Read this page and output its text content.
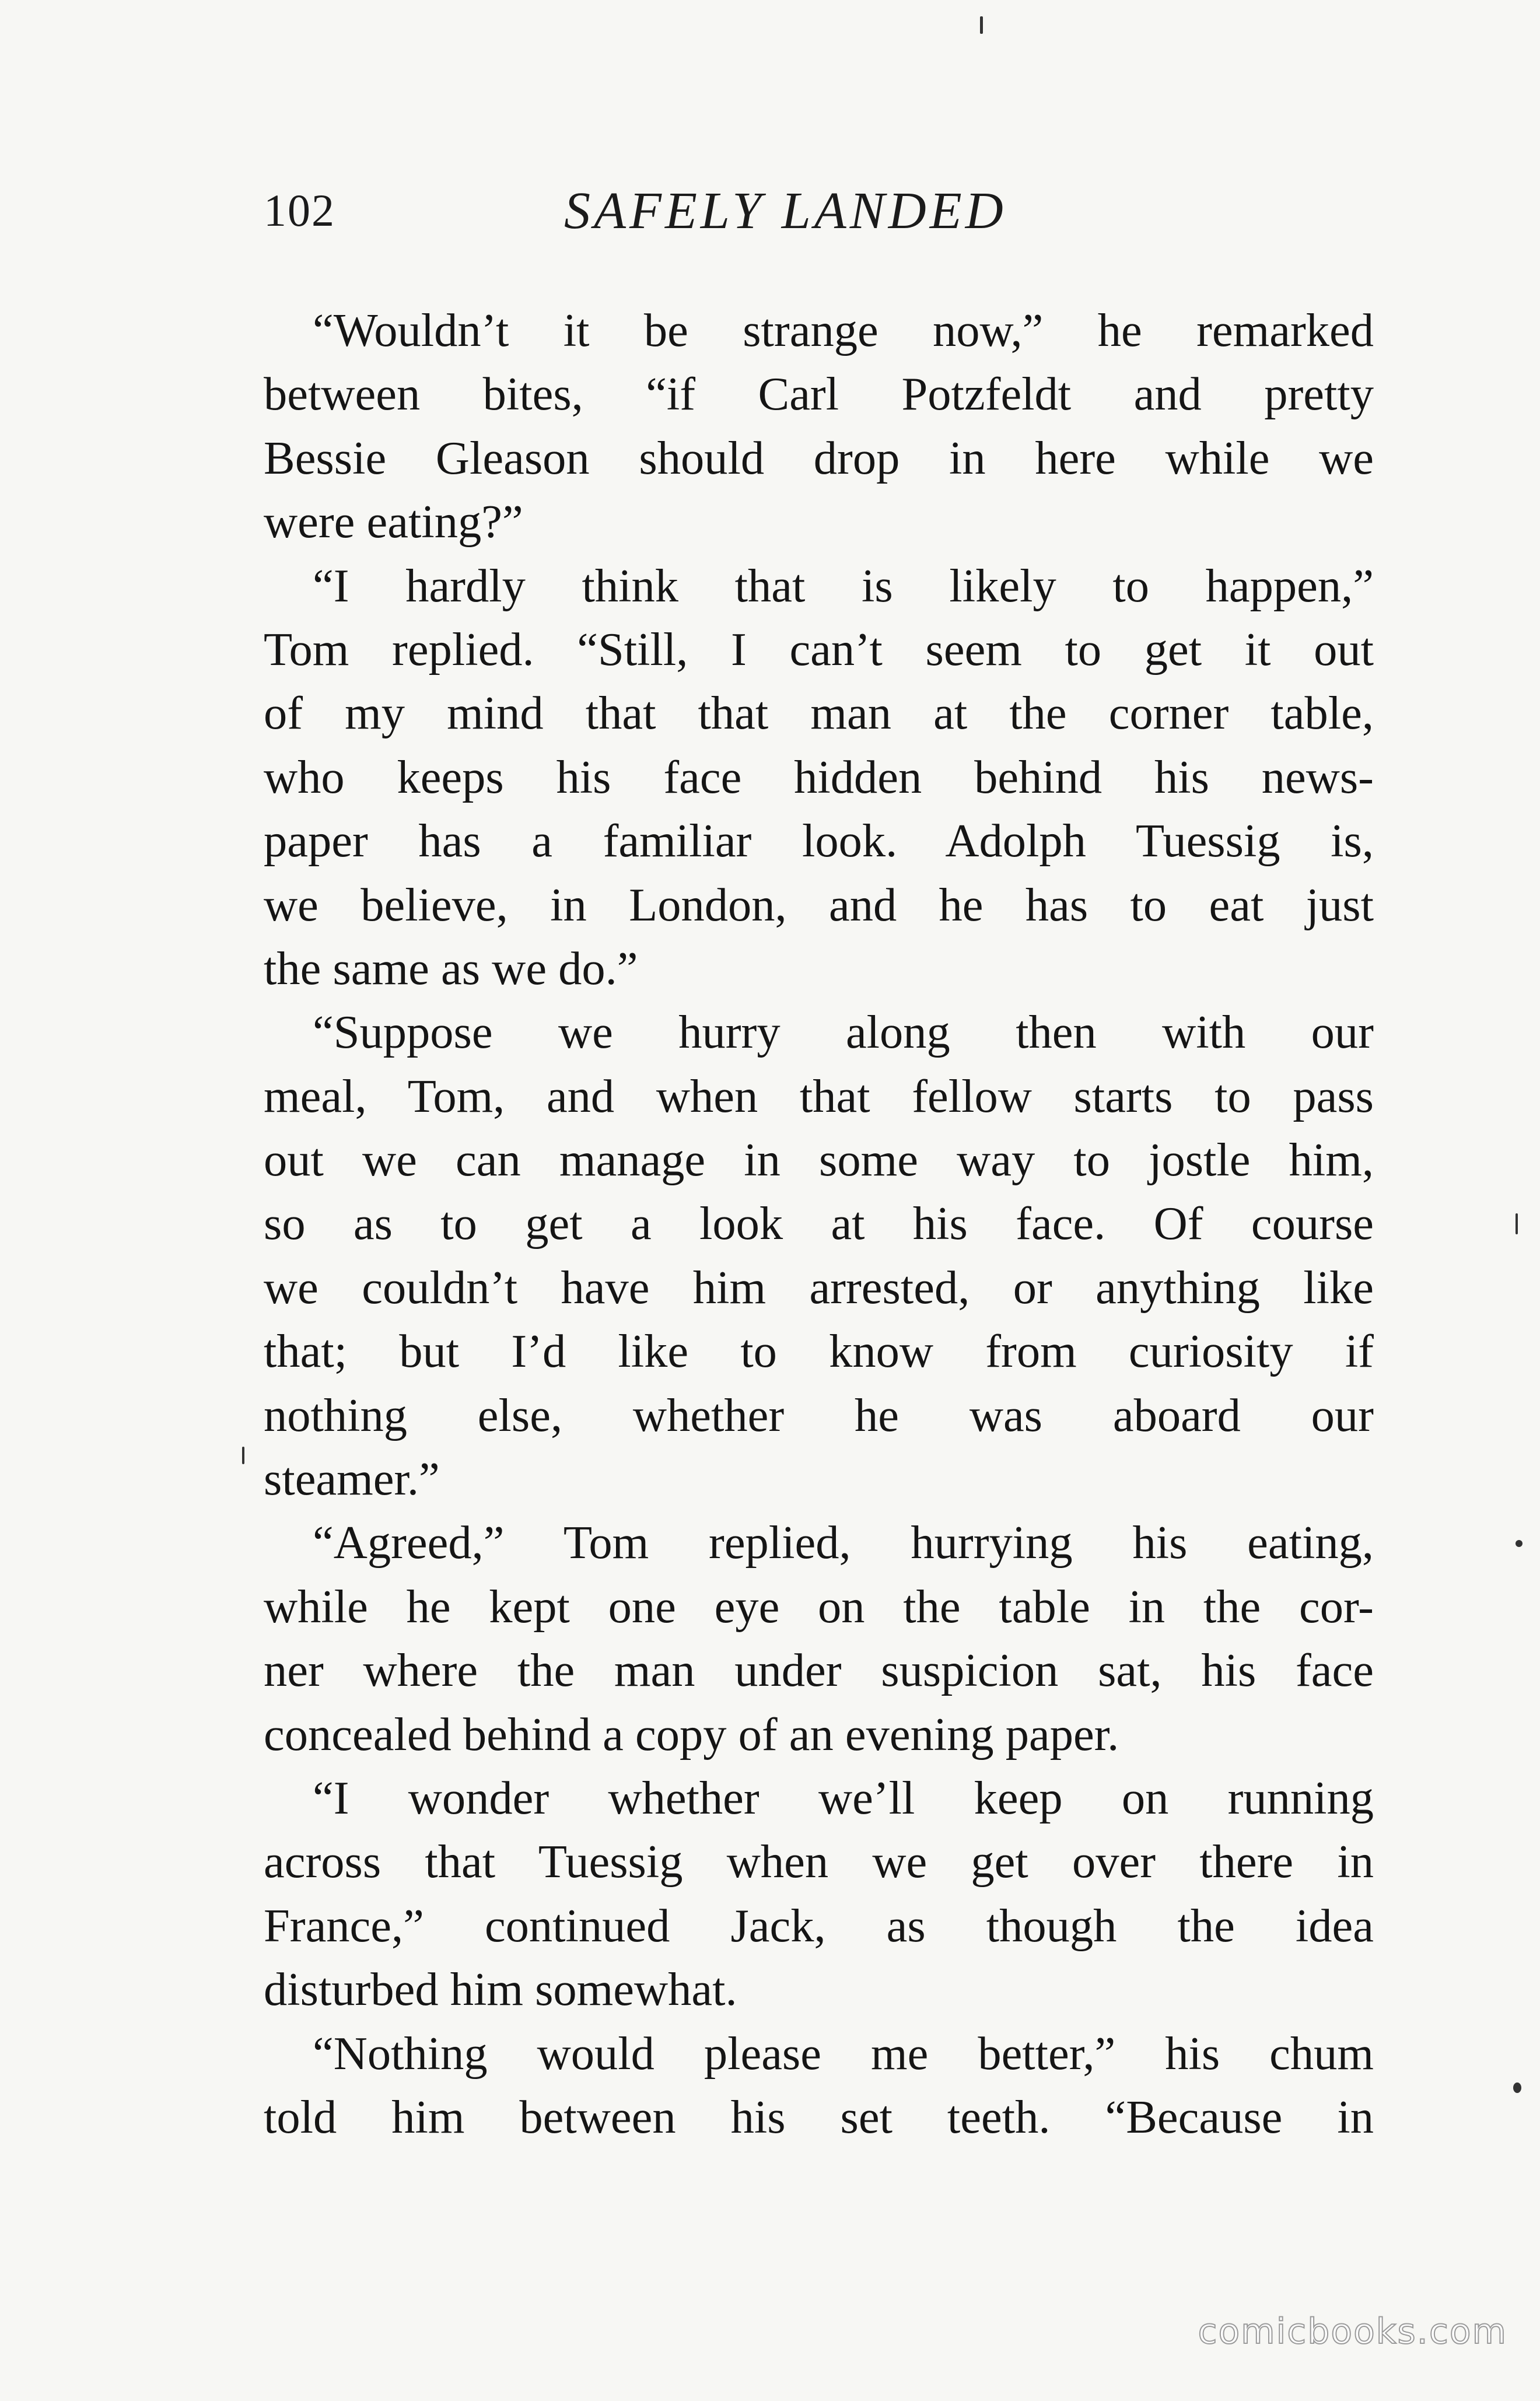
102	SAFELY LANDED
“Wouldn’t it be strange now,” he remarked
between bites, “if Carl Potzfeldt and pretty
Bessie Gleason should drop in here while we
were eating?”
“I hardly think that is likely to happen,”
Tom replied. “Still, I can’t seem to get it out
of my mind that that man at the corner table,
who keeps his face hidden behind his news-
paper has a familiar look. Adolph Tuessig is,
we believe, in London, and he has to eat just
the same as we do.”
“Suppose we hurry along then with our
meal, Tom, and when that fellow starts to pass
out we can manage in some way to jostle him,
so as to get a look at his face. Of course
we couldn’t have him arrested, or anything like
that; but I’d like to know from curiosity if
nothing else, whether he was aboard our
steamer.”
“Agreed,” Tom replied, hurrying his eating,
while he kept one eye on the table in the cor-
ner where the man under suspicion sat, his face
concealed behind a copy of an evening paper.
“I wonder whether we’ll keep on running
across that Tuessig when we get over there in
France,” continued Jack, as though the idea
disturbed him somewhat.
“Nothing would please me better,” his chum
told him between his set teeth. “Because in
comicbooks.com
